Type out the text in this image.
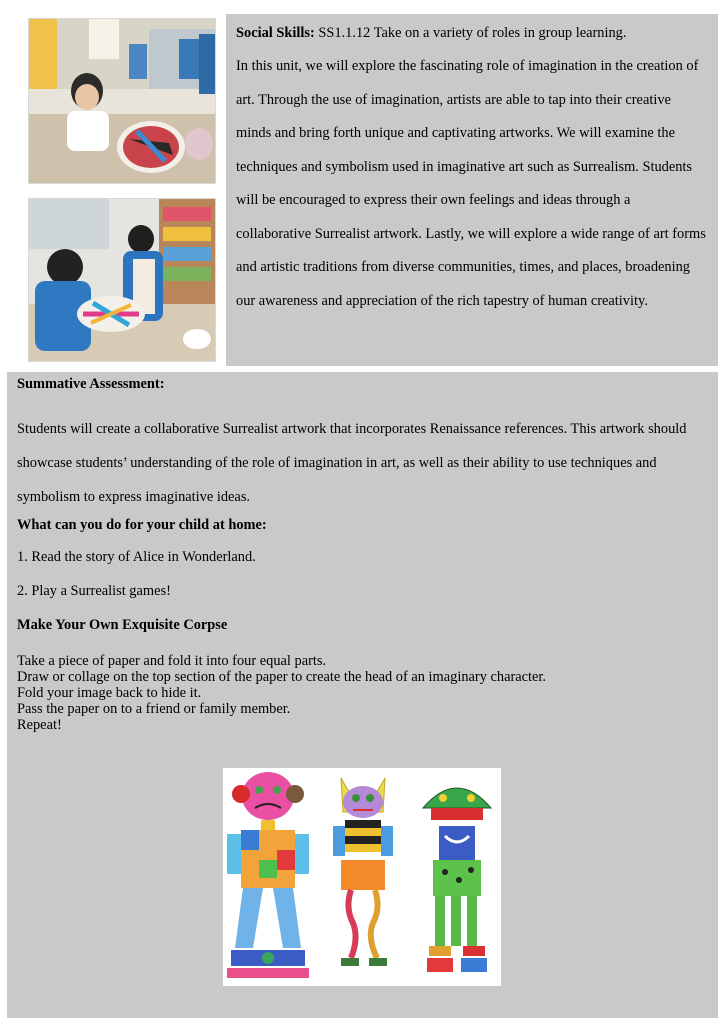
Social Skills: SS1.1.12 Take on a variety of roles in group learning.

In this unit, we will explore the fascinating role of imagination in the creation of art. Through the use of imagination, artists are able to tap into their creative minds and bring forth unique and captivating artworks. We will examine the techniques and symbolism used in imaginative art such as Surrealism. Students will be encouraged to express their own feelings and ideas through a collaborative Surrealist artwork. Lastly, we will explore a wide range of art forms and artistic traditions from diverse communities, times, and places, broadening our awareness and appreciation of the rich tapestry of human creativity.

Summative Assessment:

Students will create a collaborative Surrealist artwork that incorporates Renaissance references. This artwork should showcase students’ understanding of the role of imagination in art, as well as their ability to use techniques and symbolism to express imaginative ideas.

What can you do for your child at home:

1. Read the story of Alice in Wonderland.

2. Play a Surrealist games!

Make Your Own Exquisite Corpse
Take a piece of paper and fold it into four equal parts.
Draw or collage on the top section of the paper to create the head of an imaginary character.
Fold your image back to hide it.
Pass the paper on to a friend or family member.
Repeat!
